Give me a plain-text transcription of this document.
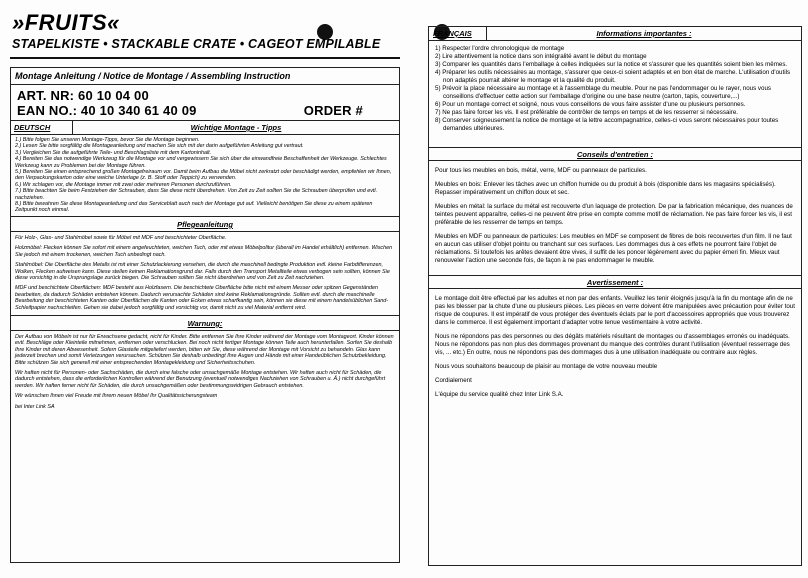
»FRUITS«
STAPELKISTE • STACKABLE CRATE • CAGEOT EMPILABLE
Montage Anleitung / Notice de Montage / Assembling Instruction
ART. NR: 60 10 04 00
EAN NO.: 40 10 340 61 40 09	ORDER #
DEUTSCH	Wichtige Montage - Tipps
1.) Bitte folgen Sie unseren Montage-Tipps, bevor Sie die Montage beginnen.
2.) Lesen Sie bitte sorgfältig die Montageanleitung und machen Sie sich mit der darin aufgeführten Anleitung gut vertraut.
3.) Vergleichen Sie die aufgeführte Teile- und Beschlagsliste mit dem Kartoninhalt.
4.) Bereiten Sie das notwendige Werkzeug für die Montage vor und vergewissern Sie sich über die einwandfreie Beschaffenheit der Werkzeuge. Schlechtes Werkzeug kann zu Problemen bei der Montage führen.
5.) Bereiten Sie einen entsprechend großen Montagefreiraum vor. Damit beim Aufbau die Möbel nicht zerkratzt oder beschädigt werden, empfehlen wir Ihnen, den Verpackungskarton oder eine weiche Unterlage (z. B. Stoff oder Teppich) zu verwenden.
6.) Wir schlagen vor, die Montage immer mit zwei oder mehreren Personen durchzuführen.
7.) Bitte beachten Sie beim Festziehen der Schrauben, dass Sie diese nicht überdrehen. Von Zeit zu Zeit sollten Sie die Schrauben überprüfen und evtl. nachziehen.
8.) Bitte bewahren Sie diese Montageanleitung und das Serviceblatt auch nach der Montage gut auf. Vielleicht benötigen Sie diese zu einem späteren Zeitpunkt noch einmal.
Pflegeanleitung
Für Holz-, Glas- und Stahlmöbel sowie für Möbel mit MDF und beschichteter Oberfläche.
Holzmöbel: Flecken können Sie sofort mit einem angefeuchteten, weichen Tuch, oder mit etwas Möbelpolitur (überall im Handel erhältlich) entfernen. Wischen Sie jedoch mit einem trockenen, weichen Tuch unbedingt nach.
Stahlmöbel: Die Oberfläche des Metalls ist mit einer Schutzlackierung versehen, die durch die maschinell bedingte Produktion evtl. kleine Farbdifferenzen, Wolken, Flecken aufweisen kann. Diese stellen keinen Reklamationsgrund dar. Falls durch den Transport Metallteile etwas verbogen sein sollten, können Sie diese vorsichtig in die Ursprungslage zurück biegen. Die Schrauben sollten Sie nicht überdrehen und von Zeit zu Zeit nachziehen.
MDF und beschichtete Oberflächen: MDF besteht aus Holzfasern. Die beschichtete Oberfläche bitte nicht mit einem Messer oder spitzen Gegenständen bearbeiten, da dadurch Schäden entstehen können. Dadurch verursachte Schäden sind keine Reklamationsgründe. Sollten evtl. durch die maschinelle Bearbeitung der beschichteten Kanten oder Oberflächen die Kanten oder Ecken etwas scharfkantig sein, können sie diese mit einem handelsüblichen Sand-Schleifpapier nachschleifen. Gehen sie dabei jedoch sorgfältig und vorsichtig vor, damit nicht zu viel Material entfernt wird.
Warnung:
Der Aufbau von Möbeln ist nur für Erwachsene gedacht, nicht für Kinder. Bitte entfernen Sie Ihre Kinder während der Montage vom Montageort. Kinder können evtl. Beschläge oder Kleinteile mitnehmen, entfernen oder verschlucken. Bei noch nicht fertiger Montage können Teile auch herunterfallen. Sorfen Sie deshalb Ihre Kinder mit deren Abwesenheit. Sofern Glasteile mitgeliefert werden, bitten wir Sie, diese während der Montage mit Vorsicht zu behandeln. Glas kann jederzeit brechen und somit Verletzungen verursachen. Schützen Sie deshalb unbedingt Ihre Augen und Hände mit einer Handeüblichen Schutzbekleidung. Bitte schützen Sie sich generell mit einer entsprechenden Montagekleidung und Sicherheitsschuhen.
Wir haften nicht für Personen- oder Sachschäden, die durch eine falsche oder unsachgemäße Montage entstehen. Wir haften auch nicht für Schäden, die dadurch entstehen, dass die erforderlichen Kontrollen während der Benutzung (eventuell notwendiges Nachziehen von Schrauben u. Ä.) nicht durchgeführt werden. Wir haften ferner nicht für Schäden, die durch unsachgemäßen oder bestimmungswidrigen Gebrauch entstehen.
Wir wünschen Ihnen viel Freude mit Ihrem neuen Möbel Ihr Qualitätssicherungsteam
bei Inter Link SA
FRANÇAIS	Informations importantes :
1) Respecter l'ordre chronologique de montage
2) Lire attentivement la notice dans son intégralité avant le début du montage
3) Comparer les quantités dans l'emballage à celles indiquées sur la notice et s'assurer que les quantités soient bien les mêmes.
4) Préparer les outils nécessaires au montage, s'assurer que ceux-ci soient adaptés et en bon état de marche. L'utilisation d'outils non adaptés pourrait altérer le montage et la qualité du produit.
5) Prévoir la place nécessaire au montage et à l'assemblage du meuble. Pour ne pas l'endommager ou le rayer, nous vous conseillons d'effectuer cette action sur l'emballage d'origine ou une base neutre (carton, tapis, couverture,...)
6) Pour un montage correct et soigné, nous vous conseillons de vous faire assister d'une ou plusieurs personnes.
7) Ne pas faire forcer les vis. Il est préférable de contrôler de temps en temps et de les resserrer si nécessaire.
8) Conserver soigneusement la notice de montage et la lettre accompagnatrice, celles-ci vous seront nécessaires pour toutes demandes ultérieures.
Conseils d'entretien :
Pour tous les meubles en bois, métal, verre, MDF ou panneaux de particules.
Meubles en bois: Enlever les tâches avec un chiffon humide ou du produit à bois (disponible dans les magasins spécialisés). Repasser impérativement un chiffon doux et sec.
Meubles en métal: la surface du métal est recouverte d'un laquage de protection. De par la fabrication mécanique, des nuances de teintes peuvent apparaître, celles-ci ne peuvent être prise en compte comme motif de réclamation. Ne pas faire forcer les vis, il est préférable de les resserrer de temps en temps.
Meubles en MDF ou panneaux de particules: Les meubles en MDF se composent de fibres de bois recouvertes d'un film. Il ne faut en aucun cas utiliser d'objet pointu ou tranchant sur ces surfaces. Les dommages dus à ces effets ne pourront faire l'objet de réclamations. Si toutefois les arêtes devaient être vives, il suffit de les poncer légèrement avec du papier émeri fin. Mieux vaut renouveler l'action une seconde fois, de façon à ne pas endommager le meuble.
Avertissement :
Le montage doit être effectué par les adultes et non par des enfants. Veuillez les tenir éloignés jusqu'à la fin du montage afin de ne pas les blesser par la chute d'une ou plusieurs pièces. Les pièces en verre doivent être manipulées avec précaution pour éviter tout risque de coupures. Il est impératif de vous protéger des éventuels éclats par le port d'accessoires appropriés que vous trouverez dans le commerce. Il est également important d'adapter votre tenue vestimentaire à votre activité.
Nous ne répondons pas des personnes ou des dégâts matériels résultant de montages ou d'assemblages erronés ou inadéquats. Nous ne répondons pas non plus des dommages provenant du manque des contrôles durant l'utilisation (éventuel resserrage des vis, ... etc.) En outre, nous ne répondons pas des dommages dus à une utilisation inadéquate ou contraire aux règles.
Nous vous souhaitons beaucoup de plaisir au montage de votre nouveau meuble
Cordialement
L'équipe du service qualité chez Inter Link S.A.
